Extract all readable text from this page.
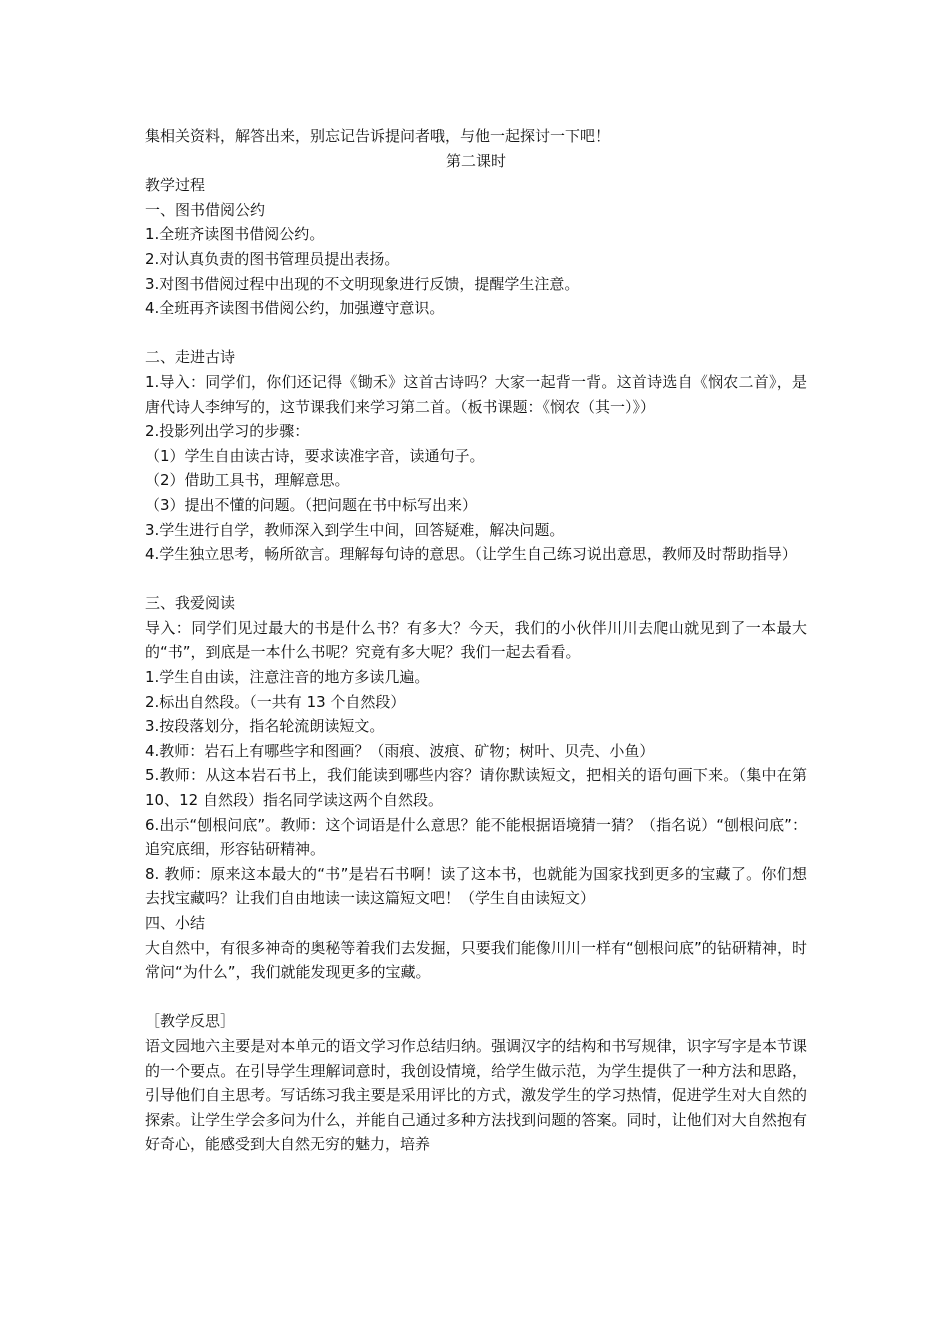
集相关资料，解答出来，别忘记告诉提问者哦，与他一起探讨一下吧！
第二课时
教学过程
一、图书借阅公约
1.全班齐读图书借阅公约。
2.对认真负责的图书管理员提出表扬。
3.对图书借阅过程中出现的不文明现象进行反馈，提醒学生注意。
4.全班再齐读图书借阅公约，加强遵守意识。
二、走进古诗
1.导入：同学们，你们还记得《锄禾》这首古诗吗？大家一起背一背。这首诗选自《悯农二首》，是唐代诗人李绅写的，这节课我们来学习第二首。（板书课题：《悯农（其一）》）
2.投影列出学习的步骤：
（1）学生自由读古诗，要求读准字音，读通句子。
（2）借助工具书，理解意思。
（3）提出不懂的问题。（把问题在书中标写出来）
3.学生进行自学，教师深入到学生中间，回答疑难，解决问题。
4.学生独立思考，畅所欲言。理解每句诗的意思。（让学生自己练习说出意思，教师及时帮助指导）
三、我爱阅读
导入：同学们见过最大的书是什么书？有多大？今天，我们的小伙伴川川去爬山就见到了一本最大的“书”，到底是一本什么书呢？究竟有多大呢？我们一起去看看。
1.学生自由读，注意注音的地方多读几遍。
2.标出自然段。（一共有 13 个自然段）
3.按段落划分，指名轮流朗读短文。
4.教师：岩石上有哪些字和图画？（雨痕、波痕、矿物；树叶、贝壳、小鱼）
5.教师：从这本岩石书上，我们能读到哪些内容？请你默读短文，把相关的语句画下来。（集中在第 10、12 自然段）指名同学读这两个自然段。
6.出示“刨根问底”。教师：这个词语是什么意思？能不能根据语境猜一猜？（指名说）“刨根问底”：追究底细，形容钻研精神。
8. 教师：原来这本最大的“书”是岩石书啊！读了这本书，也就能为国家找到更多的宝藏了。你们想去找宝藏吗？让我们自由地读一读这篇短文吧！（学生自由读短文）
四、小结
大自然中，有很多神奇的奥秘等着我们去发掘，只要我们能像川川一样有“刨根问底”的钻研精神，时常问“为什么”，我们就能发现更多的宝藏。
［教学反思］
语文园地六主要是对本单元的语文学习作总结归纳。强调汉字的结构和书写规律，识字写字是本节课的一个要点。在引导学生理解词意时，我创设情境，给学生做示范，为学生提供了一种方法和思路，引导他们自主思考。写话练习我主要是采用评比的方式，激发学生的学习热情，促进学生对大自然的探索。让学生学会多问为什么，并能自己通过多种方法找到问题的答案。同时，让他们对大自然抱有好奇心，能感受到大自然无穷的魅力，培养
